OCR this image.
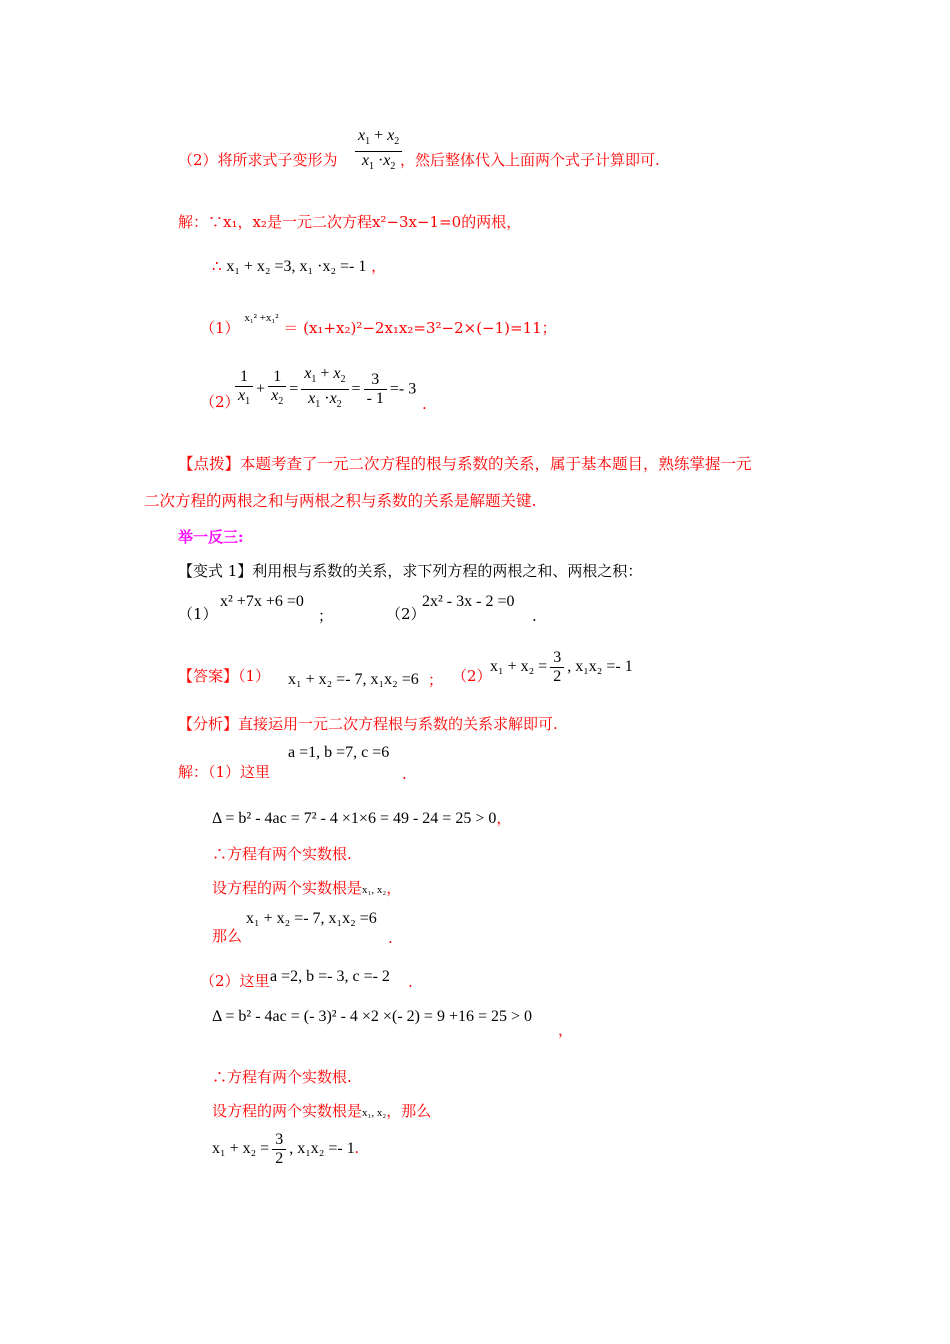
（2）将所求式子变形为 $\frac{x_1 + x_2}{x_1 \cdot x_2}$
，然后整体代入上面两个式子计算即可.
解：∵x₁，x₂是一元二次方程x²−3x−1=0的两根，
∴ x₁ + x₂ =3, x₁ ·x₂ =- 1 ，
（1） $^{x_1^2 +x_1^2}$ ＝ (x₁+x₂)²−2x₁x₂=3²−2×(−1)=11；
（2）
$\frac{1}{x_1} + \frac{1}{x_2} = \frac{x_1 + x_2}{x_1 \cdot x_2} = \frac{3}{- 1} =- 3$
.
【点拨】本题考查了一元二次方程的根与系数的关系，属于基本题目，熟练掌握一元
二次方程的两根之和与两根之积与系数的关系是解题关键.
举一反三:
【变式 1】利用根与系数的关系，求下列方程的两根之和、两根之积：
（1）
x² +7x +6 =0
；	（2）
2x² - 3x - 2 =0
.
【答案】（1） x₁ + x₂ =- 7, x₁x₂ =6 ； （2）
$x_1 + x_2 = \frac{3}{2}$ , x₁x₂ =- 1
【分析】直接运用一元二次方程根与系数的关系求解即可.
解：（1）这里
a =1, b =7, c =6
.
Δ = b² - 4ac = 7² - 4 ×1×6 = 49 - 24 = 25 > 0，
∴方程有两个实数根.
设方程的两个实数根是x₁, x₂，
那么
x₁ + x₂ =- 7, x₁x₂ =6
.
（2）这里 a =2, b =- 3, c =- 2 .
Δ = b² - 4ac = (- 3)² - 4 ×2 ×(- 2) = 9 +16 = 25 > 0
，
∴方程有两个实数根.
设方程的两个实数根是x₁, x₂，那么
$x_1 + x_2 = \frac{3}{2}$ , x₁x₂ =- 1.
